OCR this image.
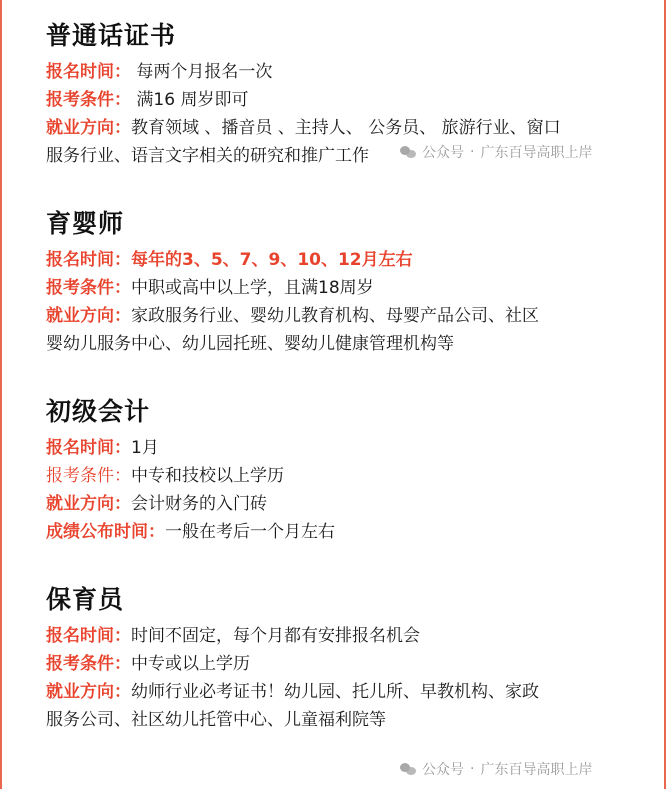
普通话证书
报名时间： 每两个月报名一次
报考条件： 满16 周岁即可
就业方向：教育领域 、播音员 、主持人、 公务员、 旅游行业、窗口
服务行业、语言文字相关的研究和推广工作
育婴师
报名时间：每年的3、5、7、9、10、12月左右
报考条件：中职或高中以上学，且满18周岁
就业方向：家政服务行业、婴幼儿教育机构、母婴产品公司、社区
婴幼儿服务中心、幼儿园托班、婴幼儿健康管理机构等
初级会计
报名时间：1月
报考条件：中专和技校以上学历
就业方向：会计财务的入门砖
成绩公布时间：一般在考后一个月左右
保育员
报名时间：时间不固定，每个月都有安排报名机会
报考条件：中专或以上学历
就业方向：幼师行业必考证书！幼儿园、托儿所、早教机构、家政
服务公司、社区幼儿托管中心、儿童福利院等
公众号 · 广东百导高职上岸
公众号 · 广东百导高职上岸
